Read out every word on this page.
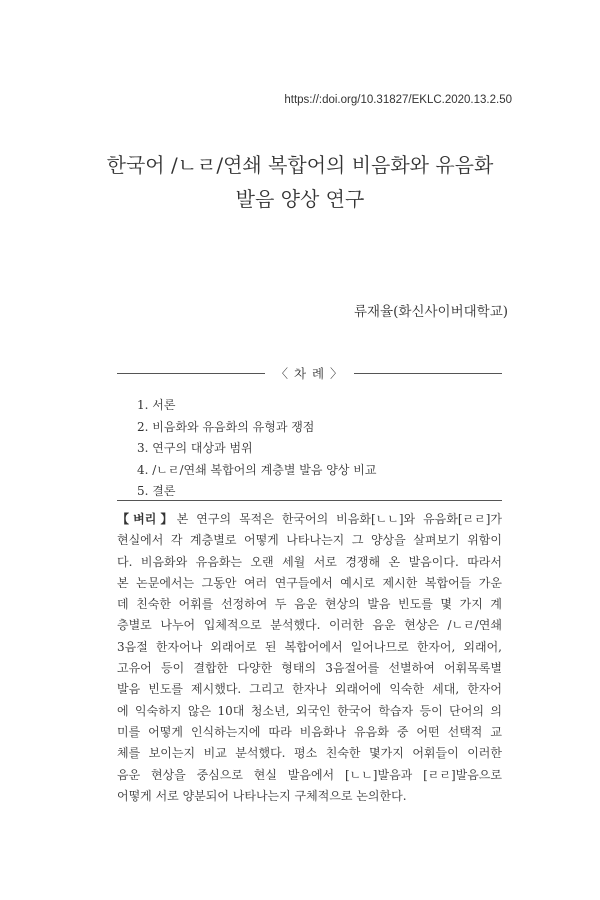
https://:doi.org/10.31827/EKLC.2020.13.2.50
한국어 /ㄴㄹ/연쇄 복합어의 비음화와 유음화
발음 양상 연구
류재율(화신사이버대학교)
〈 차 례 〉
1. 서론
2. 비음화와 유음화의 유형과 쟁점
3. 연구의 대상과 범위
4. /ㄴㄹ/연쇄 복합어의 계층별 발음 양상 비교
5. 결론
【벼리】본 연구의 목적은 한국어의 비음화[ㄴㄴ]와 유음화[ㄹㄹ]가
현실에서 각 계층별로 어떻게 나타나는지 그 양상을 살펴보기 위함이
다. 비음화와 유음화는 오랜 세월 서로 경쟁해 온 발음이다. 따라서
본 논문에서는 그동안 여러 연구들에서 예시로 제시한 복합어들 가운
데 친숙한 어휘를 선정하여 두 음운 현상의 발음 빈도를 몇 가지 계
층별로 나누어 입체적으로 분석했다. 이러한 음운 현상은 /ㄴㄹ/연쇄
3음절 한자어나 외래어로 된 복합어에서 일어나므로 한자어, 외래어,
고유어 등이 결합한 다양한 형태의 3음절어를 선별하여 어휘목록별
발음 빈도를 제시했다. 그리고 한자나 외래어에 익숙한 세대, 한자어
에 익숙하지 않은 10대 청소년, 외국인 한국어 학습자 등이 단어의 의
미를 어떻게 인식하는지에 따라 비음화나 유음화 중 어떤 선택적 교
체를 보이는지 비교 분석했다. 평소 친숙한 몇가지 어휘들이 이러한
음운 현상을 중심으로 현실 발음에서 [ㄴㄴ]발음과 [ㄹㄹ]발음으로
어떻게 서로 양분되어 나타나는지 구체적으로 논의한다.
